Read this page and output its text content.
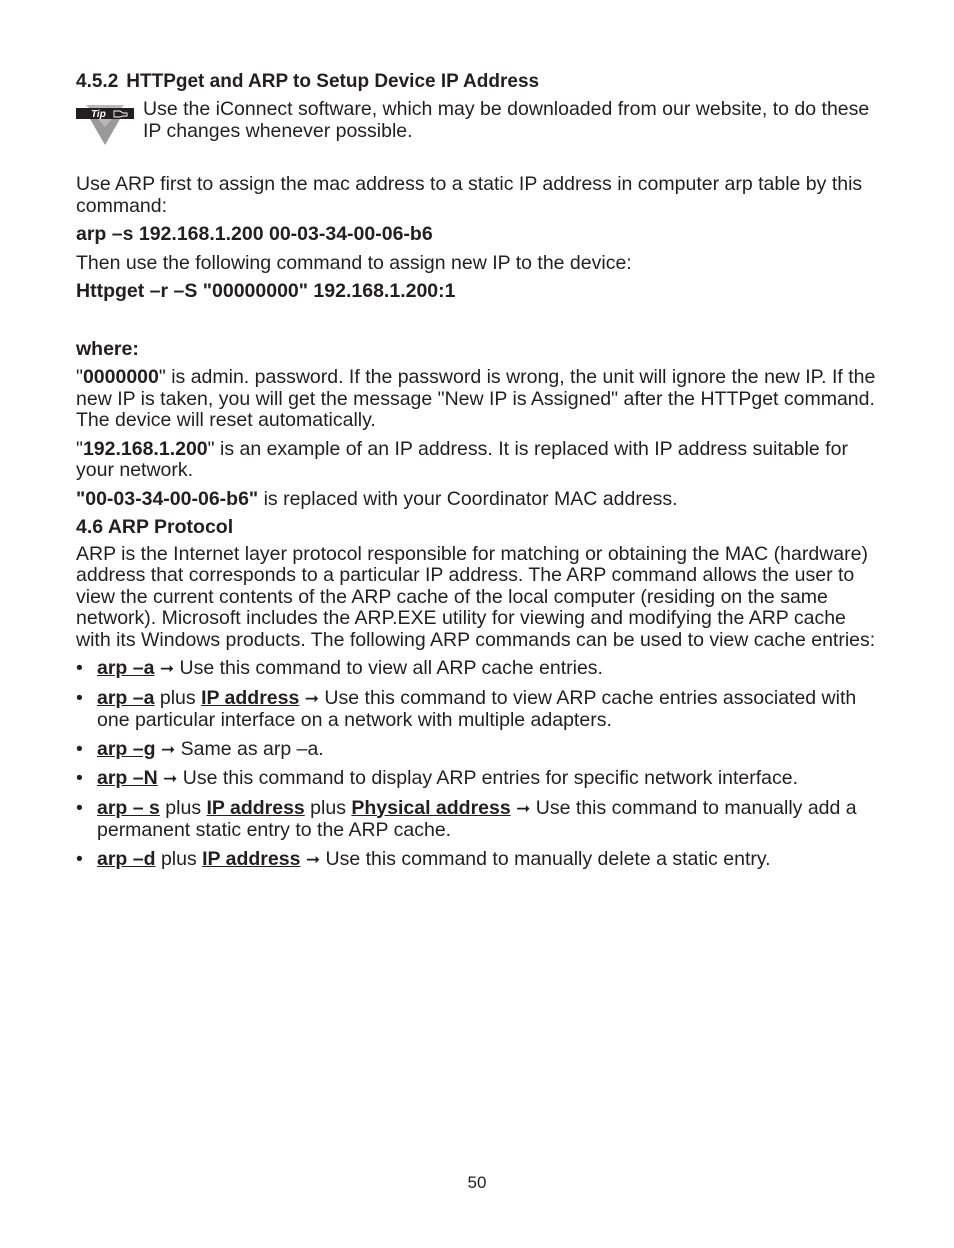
4.5.2 HTTPget and ARP to Setup Device IP Address
Tip Use the iConnect software, which may be downloaded from our website, to do these IP changes whenever possible.

Use ARP first to assign the mac address to a static IP address in computer arp table by this command:

arp –s 192.168.1.200 00-03-34-00-06-b6

Then use the following command to assign new IP to the device:

Httpget –r –S "00000000" 192.168.1.200:1

where:

"0000000" is admin. password. If the password is wrong, the unit will ignore the new IP. If the new IP is taken, you will get the message "New IP is Assigned" after the HTTPget command. The device will reset automatically.

"192.168.1.200" is an example of an IP address. It is replaced with IP address suitable for your network.

"00-03-34-00-06-b6" is replaced with your Coordinator MAC address.

4.6 ARP Protocol

ARP is the Internet layer protocol responsible for matching or obtaining the MAC (hardware) address that corresponds to a particular IP address. The ARP command allows the user to view the current contents of the ARP cache of the local computer (residing on the same network). Microsoft includes the ARP.EXE utility for viewing and modifying the ARP cache with its Windows products. The following ARP commands can be used to view cache entries:

• arp –a ➞ Use this command to view all ARP cache entries.
• arp –a plus IP address ➞ Use this command to view ARP cache entries associated with one particular interface on a network with multiple adapters.
• arp –g ➞ Same as arp –a.
• arp –N ➞ Use this command to display ARP entries for specific network interface.
• arp – s plus IP address plus Physical address ➞ Use this command to manually add a permanent static entry to the ARP cache.
• arp –d plus IP address ➞ Use this command to manually delete a static entry.
50
